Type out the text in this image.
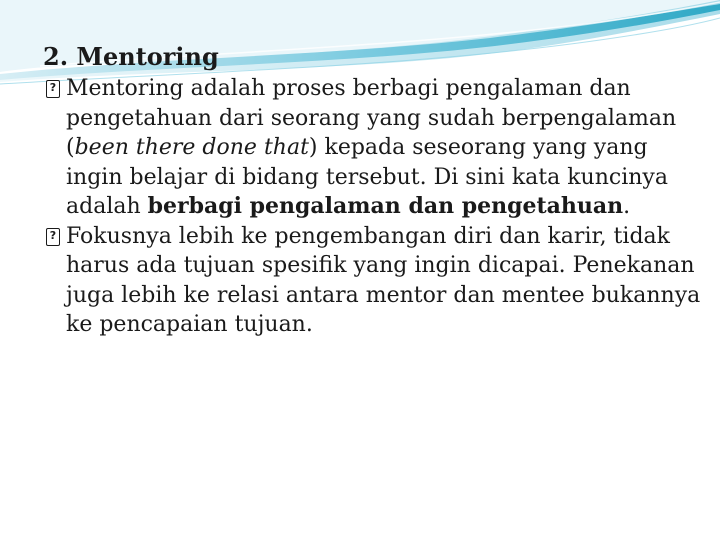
2. Mentoring
?
Mentoring adalah proses berbagi pengalaman dan pengetahuan dari seorang yang sudah berpengalaman (been there done that) kepada seseorang yang yang ingin belajar di bidang tersebut. Di sini kata kuncinya adalah berbagi pengalaman dan pengetahuan.
?
Fokusnya lebih ke pengembangan diri dan karir, tidak harus ada tujuan spesifik yang ingin dicapai. Penekanan juga lebih ke relasi antara mentor dan mentee bukannya ke pencapaian tujuan.
